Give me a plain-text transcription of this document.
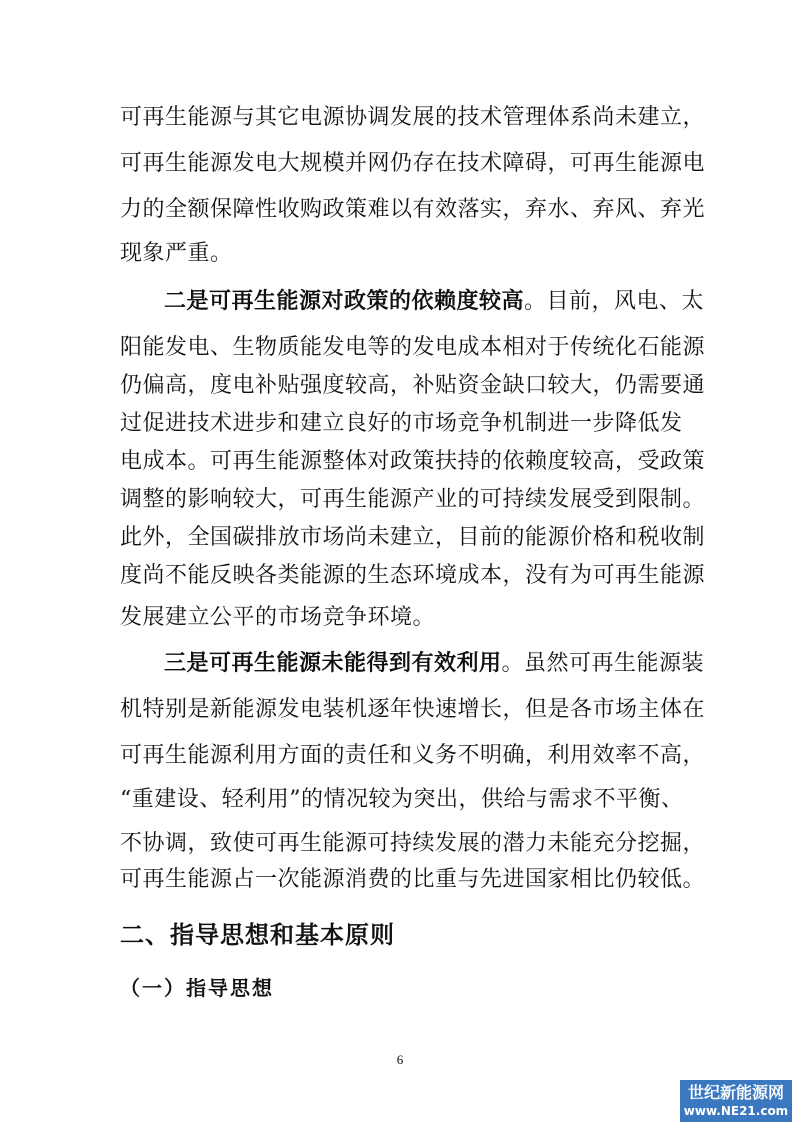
可再生能源与其它电源协调发展的技术管理体系尚未建立，
可再生能源发电大规模并网仍存在技术障碍，可再生能源电
力的全额保障性收购政策难以有效落实，弃水、弃风、弃光
现象严重。
二是可再生能源对政策的依赖度较高。目前，风电、太
阳能发电、生物质能发电等的发电成本相对于传统化石能源
仍偏高，度电补贴强度较高，补贴资金缺口较大，仍需要通
过促进技术进步和建立良好的市场竞争机制进一步降低发
电成本。可再生能源整体对政策扶持的依赖度较高，受政策
调整的影响较大，可再生能源产业的可持续发展受到限制。
此外，全国碳排放市场尚未建立，目前的能源价格和税收制
度尚不能反映各类能源的生态环境成本，没有为可再生能源
发展建立公平的市场竞争环境。
三是可再生能源未能得到有效利用。虽然可再生能源装
机特别是新能源发电装机逐年快速增长，但是各市场主体在
可再生能源利用方面的责任和义务不明确，利用效率不高，
“重建设、轻利用”的情况较为突出，供给与需求不平衡、
不协调，致使可再生能源可持续发展的潜力未能充分挖掘，
可再生能源占一次能源消费的比重与先进国家相比仍较低。
二、指导思想和基本原则
（一）指导思想
6
世纪新能源网
www.NE21.com
